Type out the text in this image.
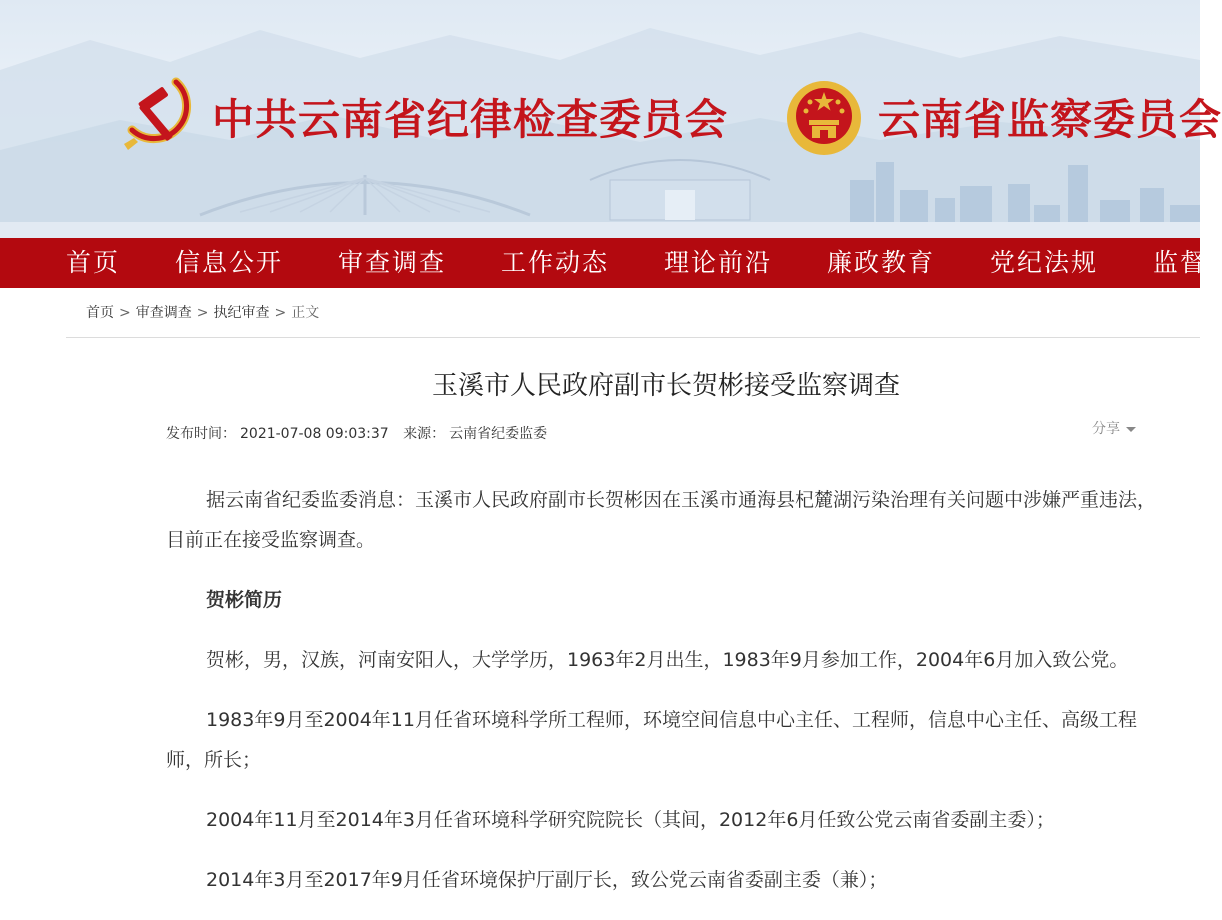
中共云南省纪律检查委员会	云南省监察委员会
首页 信息公开 审查调查 工作动态 理论前沿 廉政教育 党纪法规 监督
首页 > 审查调查 > 执纪审查 > 正文
玉溪市人民政府副市长贺彬接受监察调查
发布时间： 2021-07-08 09:03:37 来源： 云南省纪委监委	分享

据云南省纪委监委消息：玉溪市人民政府副市长贺彬因在玉溪市通海县杞麓湖污染治理有关问题中涉嫌严重违法，目前正在接受监察调查。

贺彬简历

贺彬，男，汉族，河南安阳人，大学学历，1963年2月出生，1983年9月参加工作，2004年6月加入致公党。

1983年9月至2004年11月任省环境科学所工程师，环境空间信息中心主任、工程师，信息中心主任、高级工程师，所长；

2004年11月至2014年3月任省环境科学研究院院长（其间，2012年6月任致公党云南省委副主委）；

2014年3月至2017年9月任省环境保护厅副厅长，致公党云南省委副主委（兼）；
